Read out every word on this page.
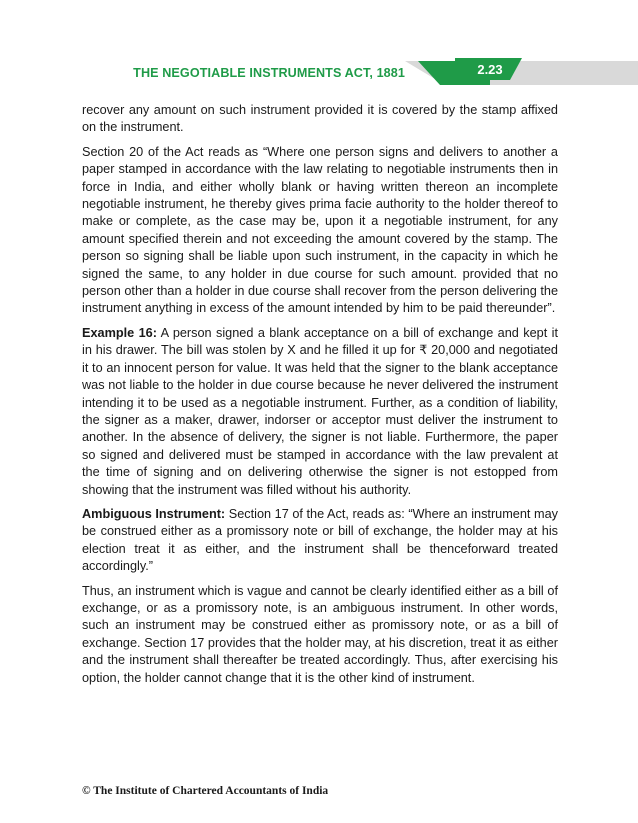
THE NEGOTIABLE INSTRUMENTS ACT, 1881	2.23

recover any amount on such instrument provided it is covered by the stamp affixed on the instrument.

Section 20 of the Act reads as “Where one person signs and delivers to another a paper stamped in accordance with the law relating to negotiable instruments then in force in India, and either wholly blank or having written thereon an incomplete negotiable instrument, he thereby gives prima facie authority to the holder thereof to make or complete, as the case may be, upon it a negotiable instrument, for any amount specified therein and not exceeding the amount covered by the stamp. The person so signing shall be liable upon such instrument, in the capacity in which he signed the same, to any holder in due course for such amount. provided that no person other than a holder in due course shall recover from the person delivering the instrument anything in excess of the amount intended by him to be paid thereunder”.

Example 16: A person signed a blank acceptance on a bill of exchange and kept it in his drawer. The bill was stolen by X and he filled it up for ₹ 20,000 and negotiated it to an innocent person for value. It was held that the signer to the blank acceptance was not liable to the holder in due course because he never delivered the instrument intending it to be used as a negotiable instrument. Further, as a condition of liability, the signer as a maker, drawer, indorser or acceptor must deliver the instrument to another. In the absence of delivery, the signer is not liable. Furthermore, the paper so signed and delivered must be stamped in accordance with the law prevalent at the time of signing and on delivering otherwise the signer is not estopped from showing that the instrument was filled without his authority.

Ambiguous Instrument: Section 17 of the Act, reads as: “Where an instrument may be construed either as a promissory note or bill of exchange, the holder may at his election treat it as either, and the instrument shall be thenceforward treated accordingly.”

Thus, an instrument which is vague and cannot be clearly identified either as a bill of exchange, or as a promissory note, is an ambiguous instrument. In other words, such an instrument may be construed either as promissory note, or as a bill of exchange. Section 17 provides that the holder may, at his discretion, treat it as either and the instrument shall thereafter be treated accordingly. Thus, after exercising his option, the holder cannot change that it is the other kind of instrument.

© The Institute of Chartered Accountants of India
